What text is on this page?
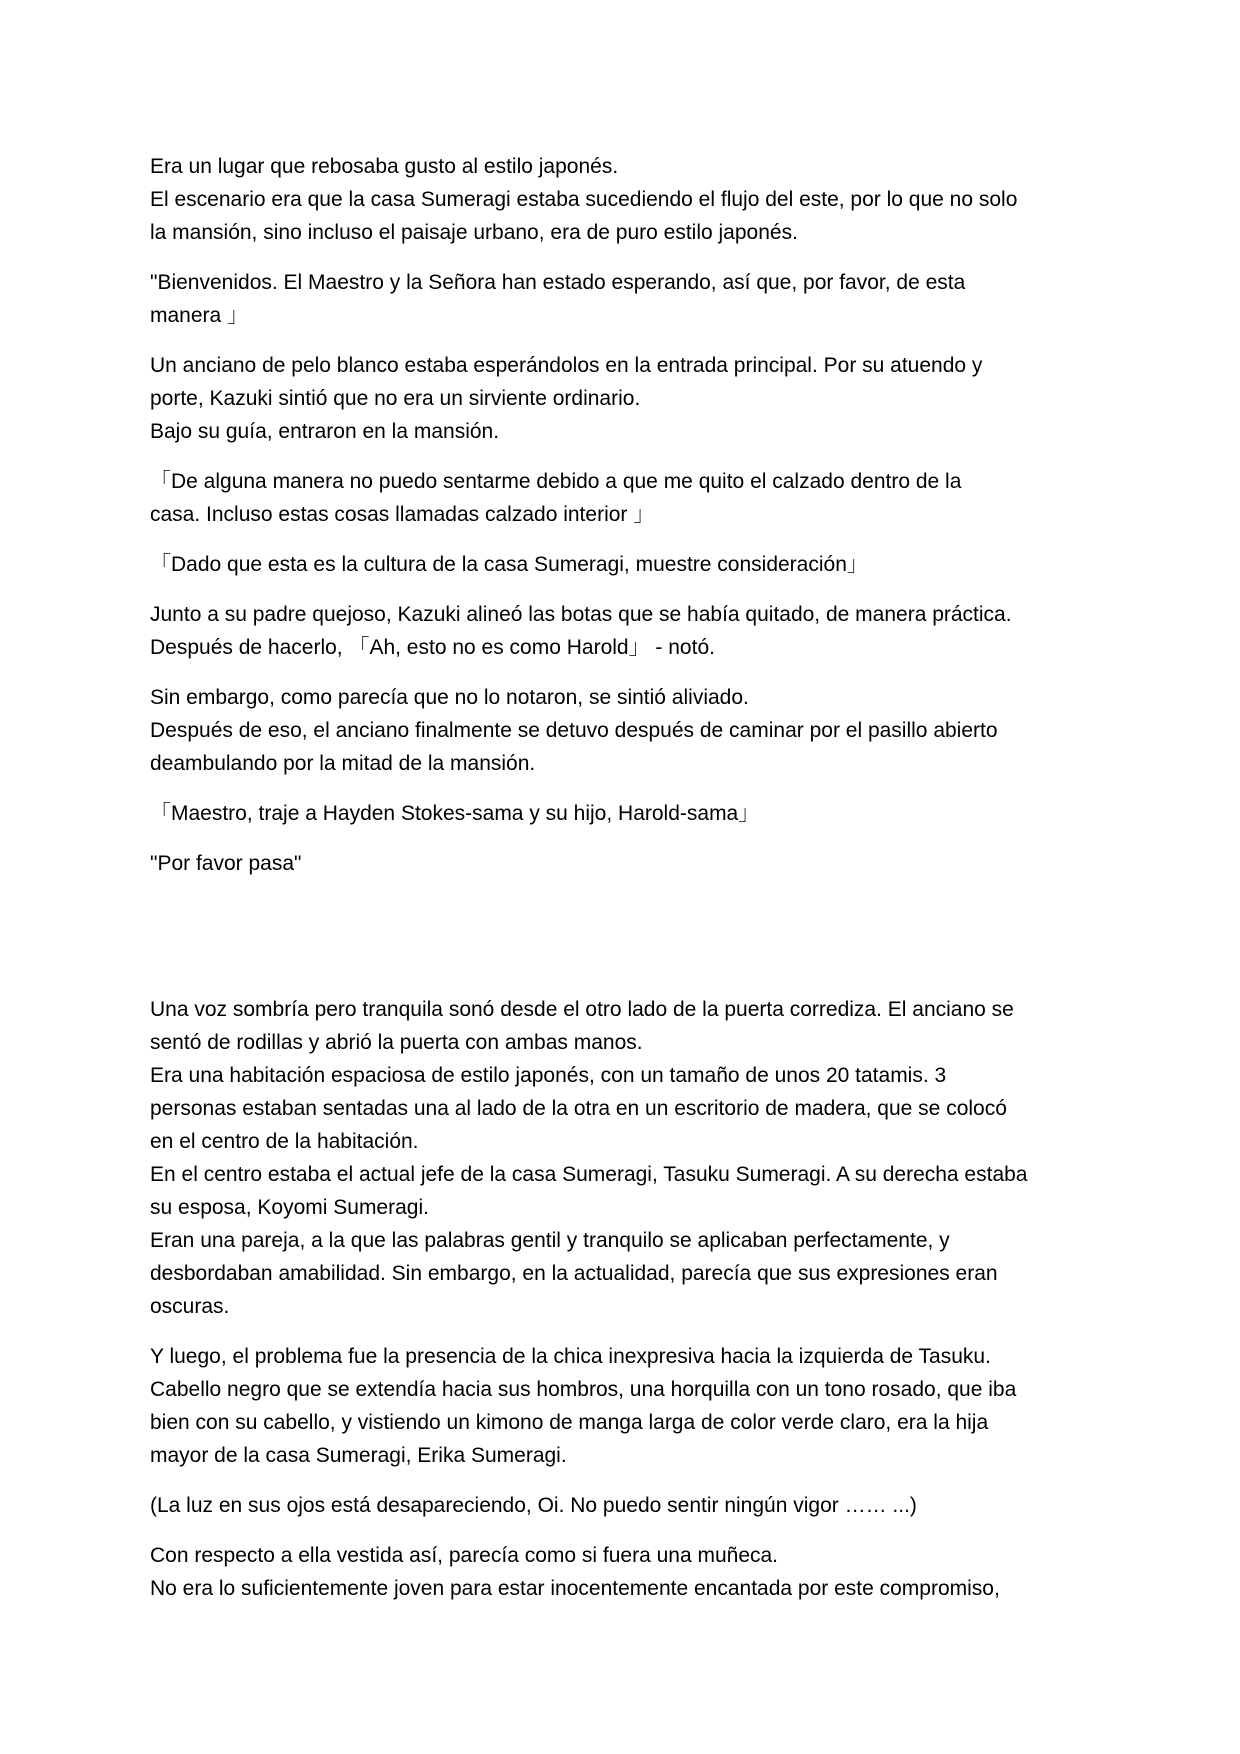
Era un lugar que rebosaba gusto al estilo japonés.
El escenario era que la casa Sumeragi estaba sucediendo el flujo del este, por lo que no solo
la mansión, sino incluso el paisaje urbano, era de puro estilo japonés.

"Bienvenidos. El Maestro y la Señora han estado esperando, así que, por favor, de esta
manera 」

Un anciano de pelo blanco estaba esperándolos en la entrada principal. Por su atuendo y
porte, Kazuki sintió que no era un sirviente ordinario.
Bajo su guía, entraron en la mansión.

「De alguna manera no puedo sentarme debido a que me quito el calzado dentro de la
casa. Incluso estas cosas llamadas calzado interior 」

「Dado que esta es la cultura de la casa Sumeragi, muestre consideración」

Junto a su padre quejoso, Kazuki alineó las botas que se había quitado, de manera práctica.
Después de hacerlo, 「Ah, esto no es como Harold」 - notó.

Sin embargo, como parecía que no lo notaron, se sintió aliviado.
Después de eso, el anciano finalmente se detuvo después de caminar por el pasillo abierto
deambulando por la mitad de la mansión.

「Maestro, traje a Hayden Stokes-sama y su hijo, Harold-sama」

"Por favor pasa"

Una voz sombría pero tranquila sonó desde el otro lado de la puerta corrediza. El anciano se
sentó de rodillas y abrió la puerta con ambas manos.
Era una habitación espaciosa de estilo japonés, con un tamaño de unos 20 tatamis. 3
personas estaban sentadas una al lado de la otra en un escritorio de madera, que se colocó
en el centro de la habitación.
En el centro estaba el actual jefe de la casa Sumeragi, Tasuku Sumeragi. A su derecha estaba
su esposa, Koyomi Sumeragi.
Eran una pareja, a la que las palabras gentil y tranquilo se aplicaban perfectamente, y
desbordaban amabilidad. Sin embargo, en la actualidad, parecía que sus expresiones eran
oscuras.

Y luego, el problema fue la presencia de la chica inexpresiva hacia la izquierda de Tasuku.
Cabello negro que se extendía hacia sus hombros, una horquilla con un tono rosado, que iba
bien con su cabello, y vistiendo un kimono de manga larga de color verde claro, era la hija
mayor de la casa Sumeragi, Erika Sumeragi.

(La luz en sus ojos está desapareciendo, Oi. No puedo sentir ningún vigor …… ...)

Con respecto a ella vestida así, parecía como si fuera una muñeca.
No era lo suficientemente joven para estar inocentemente encantada por este compromiso,
